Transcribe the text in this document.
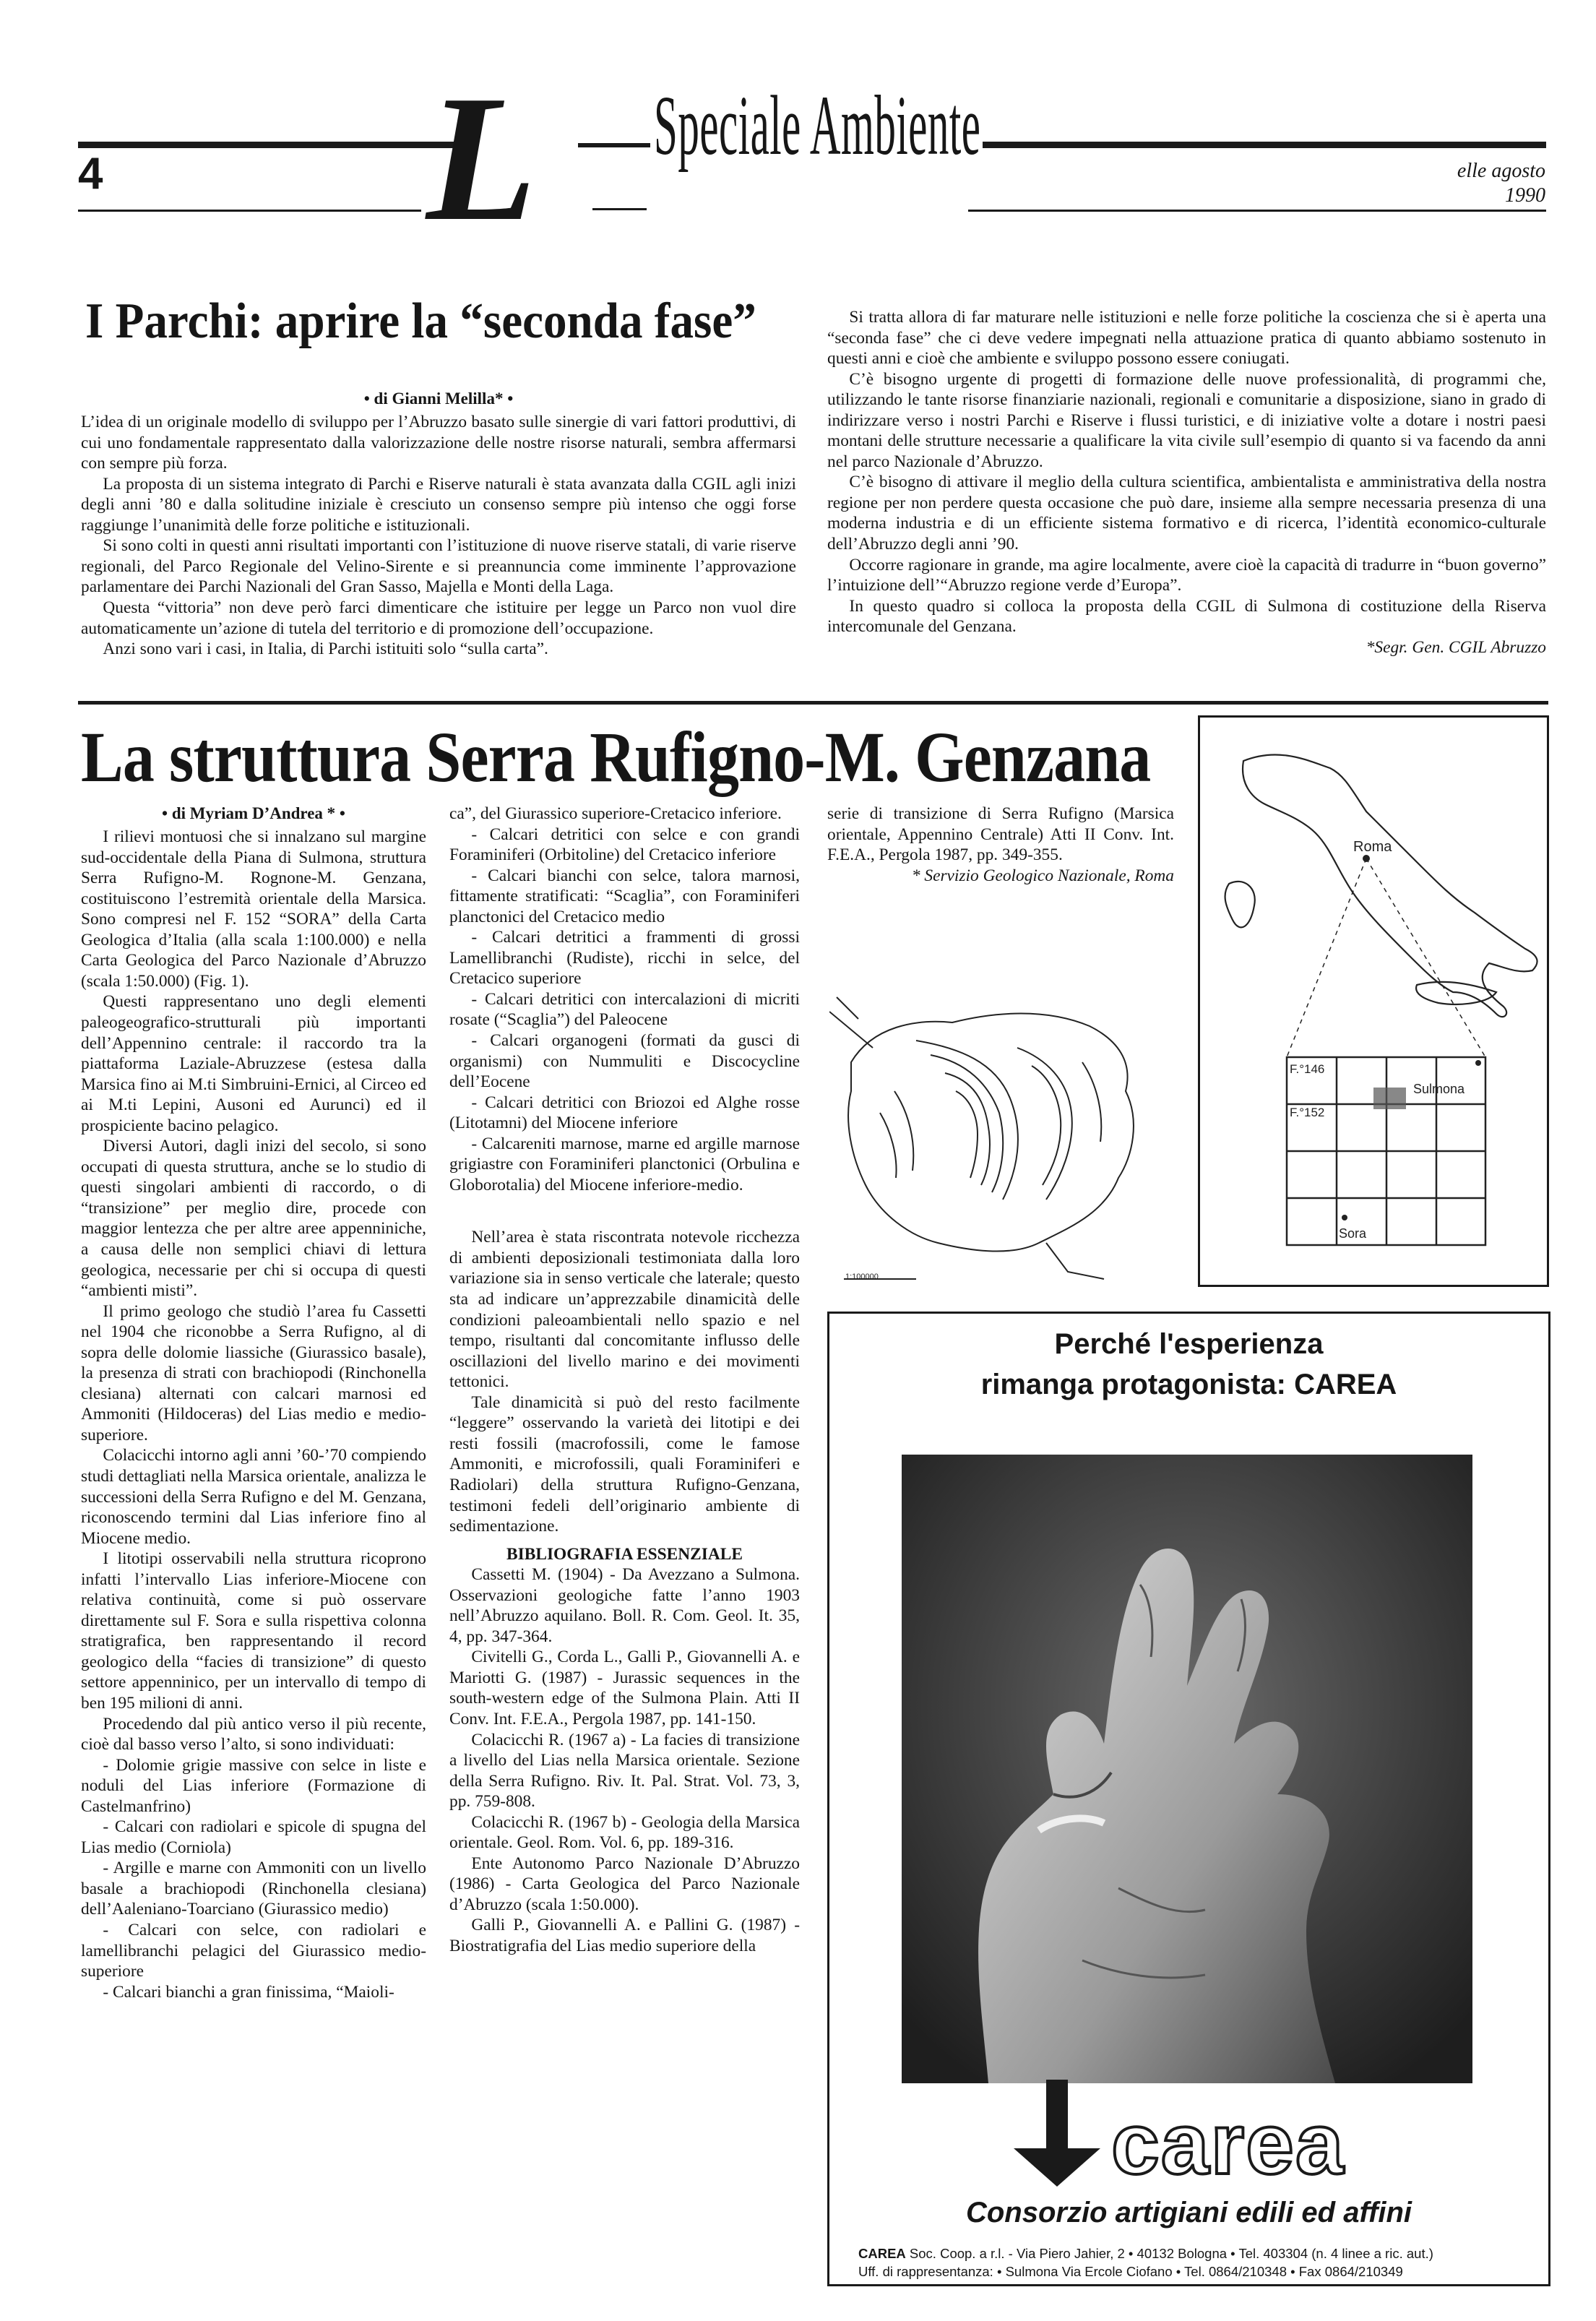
4 L Speciale Ambiente	elle agosto
1990
I Parchi: aprire la “seconda fase”

• di Gianni Melilla* •

L’idea di un originale modello di sviluppo per l’Abruzzo basato sulle sinergie di vari fattori produttivi, di cui uno fondamentale rappresentato dalla valorizzazione delle nostre risorse naturali, sembra affermarsi con sempre più forza.

La proposta di un sistema integrato di Parchi e Riserve naturali è stata avanzata dalla CGIL agli inizi degli anni ’80 e dalla solitudine iniziale è cresciuto un consenso sempre più intenso che oggi forse raggiunge l’unanimità delle forze politiche e istituzionali.

Si sono colti in questi anni risultati importanti con l’istituzione di nuove riserve statali, di varie riserve regionali, del Parco Regionale del Velino-Sirente e si preannuncia come imminente l’approvazione parlamentare dei Parchi Nazionali del Gran Sasso, Majella e Monti della Laga.

Questa “vittoria” non deve però farci dimenticare che istituire per legge un Parco non vuol dire automaticamente un’azione di tutela del territorio e di promozione dell’occupazione.

Anzi sono vari i casi, in Italia, di Parchi istituiti solo “sulla carta”.

Si tratta allora di far maturare nelle istituzioni e nelle forze politiche la coscienza che si è aperta una “seconda fase” che ci deve vedere impegnati nella attuazione pratica di quanto abbiamo sostenuto in questi anni e cioè che ambiente e sviluppo possono essere coniugati.

C’è bisogno urgente di progetti di formazione delle nuove professionalità, di programmi che, utilizzando le tante risorse finanziarie nazionali, regionali e comunitarie a disposizione, siano in grado di indirizzare verso i nostri Parchi e Riserve i flussi turistici, e di iniziative volte a dotare i nostri paesi montani delle strutture necessarie a qualificare la vita civile sull’esempio di quanto si va facendo da anni nel parco Nazionale d’Abruzzo.

C’è bisogno di attivare il meglio della cultura scientifica, ambientalista e amministrativa della nostra regione per non perdere questa occasione che può dare, insieme alla sempre necessaria presenza di una moderna industria e di un efficiente sistema formativo e di ricerca, l’identità economico-culturale dell’Abruzzo degli anni ’90.

Occorre ragionare in grande, ma agire localmente, avere cioè la capacità di tradurre in “buon governo” l’intuizione dell’“Abruzzo regione verde d’Europa”.

In questo quadro si colloca la proposta della CGIL di Sulmona di costituzione della Riserva intercomunale del Genzana.

*Segr. Gen. CGIL Abruzzo

La struttura Serra Rufigno-M. Genzana

• di Myriam D’Andrea * •

I rilievi montuosi che si innalzano sul margine sud-occidentale della Piana di Sulmona, struttura Serra Rufigno-M. Rognone-M. Genzana, costituiscono l’estremità orientale della Marsica. Sono compresi nel F. 152 “SORA” della Carta Geologica d’Italia (alla scala 1:100.000) e nella Carta Geologica del Parco Nazionale d’Abruzzo (scala 1:50.000) (Fig. 1).

Questi rappresentano uno degli elementi paleogeografico-strutturali più importanti dell’Appennino centrale: il raccordo tra la piattaforma Laziale-Abruzzese (estesa dalla Marsica fino ai M.ti Simbruini-Ernici, al Circeo ed ai M.ti Lepini, Ausoni ed Aurunci) ed il prospiciente bacino pelagico.

Diversi Autori, dagli inizi del secolo, si sono occupati di questa struttura, anche se lo studio di questi singolari ambienti di raccordo, o di “transizione” per meglio dire, procede con maggior lentezza che per altre aree appenniniche, a causa delle non semplici chiavi di lettura geologica, necessarie per chi si occupa di questi “ambienti misti”.

Il primo geologo che studiò l’area fu Cassetti nel 1904 che riconobbe a Serra Rufigno, al di sopra delle dolomie liassiche (Giurassico basale), la presenza di strati con brachiopodi (Rinchonella clesiana) alternati con calcari marnosi ed Ammoniti (Hildoceras) del Lias medio e medio-superiore.

Colacicchi intorno agli anni ’60-’70 compiendo studi dettagliati nella Marsica orientale, analizza le successioni della Serra Rufigno e del M. Genzana, riconoscendo termini dal Lias inferiore fino al Miocene medio.

I litotipi osservabili nella struttura ricoprono infatti l’intervallo Lias inferiore-Miocene con relativa continuità, come si può osservare direttamente sul F. Sora e sulla rispettiva colonna stratigrafica, ben rappresentando il record geologico della “facies di transizione” di questo settore appenninico, per un intervallo di tempo di ben 195 milioni di anni.

Procedendo dal più antico verso il più recente, cioè dal basso verso l’alto, si sono individuati:

- Dolomie grigie massive con selce in liste e noduli del Lias inferiore (Formazione di Castelmanfrino)

- Calcari con radiolari e spicole di spugna del Lias medio (Corniola)

- Argille e marne con Ammoniti con un livello basale a brachiopodi (Rinchonella clesiana) dell’Aaleniano-Toarciano (Giurassico medio)

- Calcari con selce, con radiolari e lamellibranchi pelagici del Giurassico medio-superiore

- Calcari bianchi a gran finissima, “Maioli-

ca”, del Giurassico superiore-Cretacico inferiore.

- Calcari detritici con selce e con grandi Foraminiferi (Orbitoline) del Cretacico inferiore

- Calcari bianchi con selce, talora marnosi, fittamente stratificati: “Scaglia”, con Foraminiferi planctonici del Cretacico medio

- Calcari detritici a frammenti di grossi Lamellibranchi (Rudiste), ricchi in selce, del Cretacico superiore

- Calcari detritici con intercalazioni di micriti rosate (“Scaglia”) del Paleocene

- Calcari organogeni (formati da gusci di organismi) con Nummuliti e Discocycline dell’Eocene

- Calcari detritici con Briozoi ed Alghe rosse (Litotamni) del Miocene inferiore

- Calcareniti marnose, marne ed argille marnose grigiastre con Foraminiferi planctonici (Orbulina e Globorotalia) del Miocene inferiore-medio.

Nell’area è stata riscontrata notevole ricchezza di ambienti deposizionali testimoniata dalla loro variazione sia in senso verticale che laterale; questo sta ad indicare un’apprezzabile dinamicità delle condizioni paleoambientali nello spazio e nel tempo, risultanti dal concomitante influsso delle oscillazioni del livello marino e dei movimenti tettonici.

Tale dinamicità si può del resto facilmente “leggere” osservando la varietà dei litotipi e dei resti fossili (macrofossili, come le famose Ammoniti, e microfossili, quali Foraminiferi e Radiolari) della struttura Rufigno-Genzana, testimoni fedeli dell’originario ambiente di sedimentazione.

BIBLIOGRAFIA ESSENZIALE

Cassetti M. (1904) - Da Avezzano a Sulmona. Osservazioni geologiche fatte l’anno 1903 nell’Abruzzo aquilano. Boll. R. Com. Geol. It. 35, 4, pp. 347-364.

Civitelli G., Corda L., Galli P., Giovannelli A. e Mariotti G. (1987) - Jurassic sequences in the south-western edge of the Sulmona Plain. Atti II Conv. Int. F.E.A., Pergola 1987, pp. 141-150.

Colacicchi R. (1967 a) - La facies di transizione a livello del Lias nella Marsica orientale. Sezione della Serra Rufigno. Riv. It. Pal. Strat. Vol. 73, 3, pp. 759-808.

Colacicchi R. (1967 b) - Geologia della Marsica orientale. Geol. Rom. Vol. 6, pp. 189-316.

Ente Autonomo Parco Nazionale D’Abruzzo (1986) - Carta Geologica del Parco Nazionale d’Abruzzo (scala 1:50.000).

Galli P., Giovannelli A. e Pallini G. (1987) - Biostratigrafia del Lias medio superiore della

serie di transizione di Serra Rufigno (Marsica orientale, Appennino Centrale) Atti II Conv. Int. F.E.A., Pergola 1987, pp. 349-355.

* Servizio Geologico Nazionale, Roma

1:100000
Roma
F.°146
F.°152
Sulmona
Sora
Perché l'esperienza
rimanga protagonista: CAREA
carea
Consorzio artigiani edili ed affini
CAREA Soc. Coop. a r.l. - Via Piero Jahier, 2 • 40132 Bologna • Tel. 403304 (n. 4 linee a ric. aut.)
Uff. di rappresentanza: • Sulmona Via Ercole Ciofano • Tel. 0864/210348 • Fax 0864/210349
